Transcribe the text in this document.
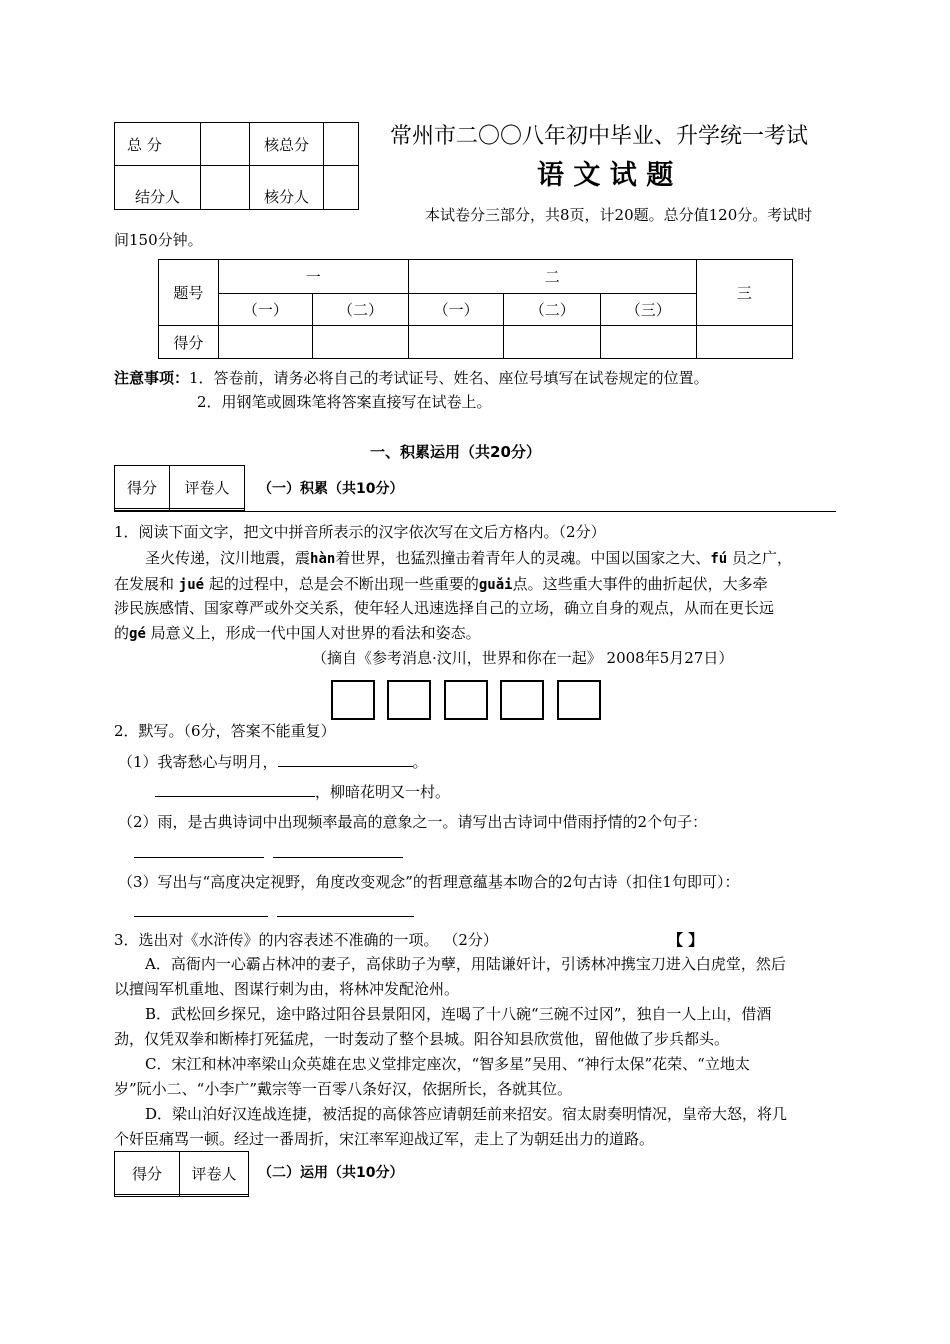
总 分		核总分	
结分人		核分人	
常州市二〇〇八年初中毕业、升学统一考试
语 文 试 题
本试卷分三部分，共8页，计20题。总分值120分。考试时
间150分钟。
题号	一		二			三
	（一）	（二）	（一）	（二）	（三）	
得分						
注意事项：1．答卷前，请务必将自己的考试证号、姓名、座位号填写在试卷规定的位置。
2．用钢笔或圆珠笔将答案直接写在试卷上。
一、积累运用（共20分）
得分	评卷人
	（一）积累（共10分）
1．阅读下面文字，把文中拼音所表示的汉字依次写在文后方格内。（2分）
圣火传递，汶川地震，震hàn着世界，也猛烈撞击着青年人的灵魂。中国以国家之大、fú 员之广，
在发展和 jué 起的过程中，总是会不断出现一些重要的guǎi点。这些重大事件的曲折起伏，大多牵
涉民族感情、国家尊严或外交关系，使年轻人迅速选择自己的立场，确立自身的观点，从而在更长远
的gé 局意义上，形成一代中国人对世界的看法和姿态。
（摘自《参考消息·汶川，世界和你在一起》 2008年5月27日）
2．默写。（6分，答案不能重复）
（1）我寄愁心与明月，	。
，柳暗花明又一村。
（2）雨，是古典诗词中出现频率最高的意象之一。请写出古诗词中借雨抒情的2个句子：
（3）写出与“高度决定视野，角度改变观念”的哲理意蕴基本吻合的2句古诗（扣住1句即可）：
3．选出对《水浒传》的内容表述不准确的一项。 （2分）	【 】
A．高衙内一心霸占林冲的妻子，高俅助子为孽，用陆谦奸计，引诱林冲携宝刀进入白虎堂，然后
以擅闯军机重地、图谋行刺为由，将林冲发配沧州。
B．武松回乡探兄，途中路过阳谷县景阳冈，连喝了十八碗“三碗不过冈”，独自一人上山，借酒
劲，仅凭双拳和断棒打死猛虎，一时轰动了整个县城。阳谷知县欣赏他，留他做了步兵都头。
C．宋江和林冲率梁山众英雄在忠义堂排定座次，“智多星”吴用、“神行太保”花荣、“立地太
岁”阮小二、“小李广”戴宗等一百零八条好汉，依据所长，各就其位。
D．梁山泊好汉连战连捷，被活捉的高俅答应请朝廷前来招安。宿太尉奏明情况，皇帝大怒，将几
个奸臣痛骂一顿。经过一番周折，宋江率军迎战辽军，走上了为朝廷出力的道路。
得分	评卷人
	（二）运用（共10分）
